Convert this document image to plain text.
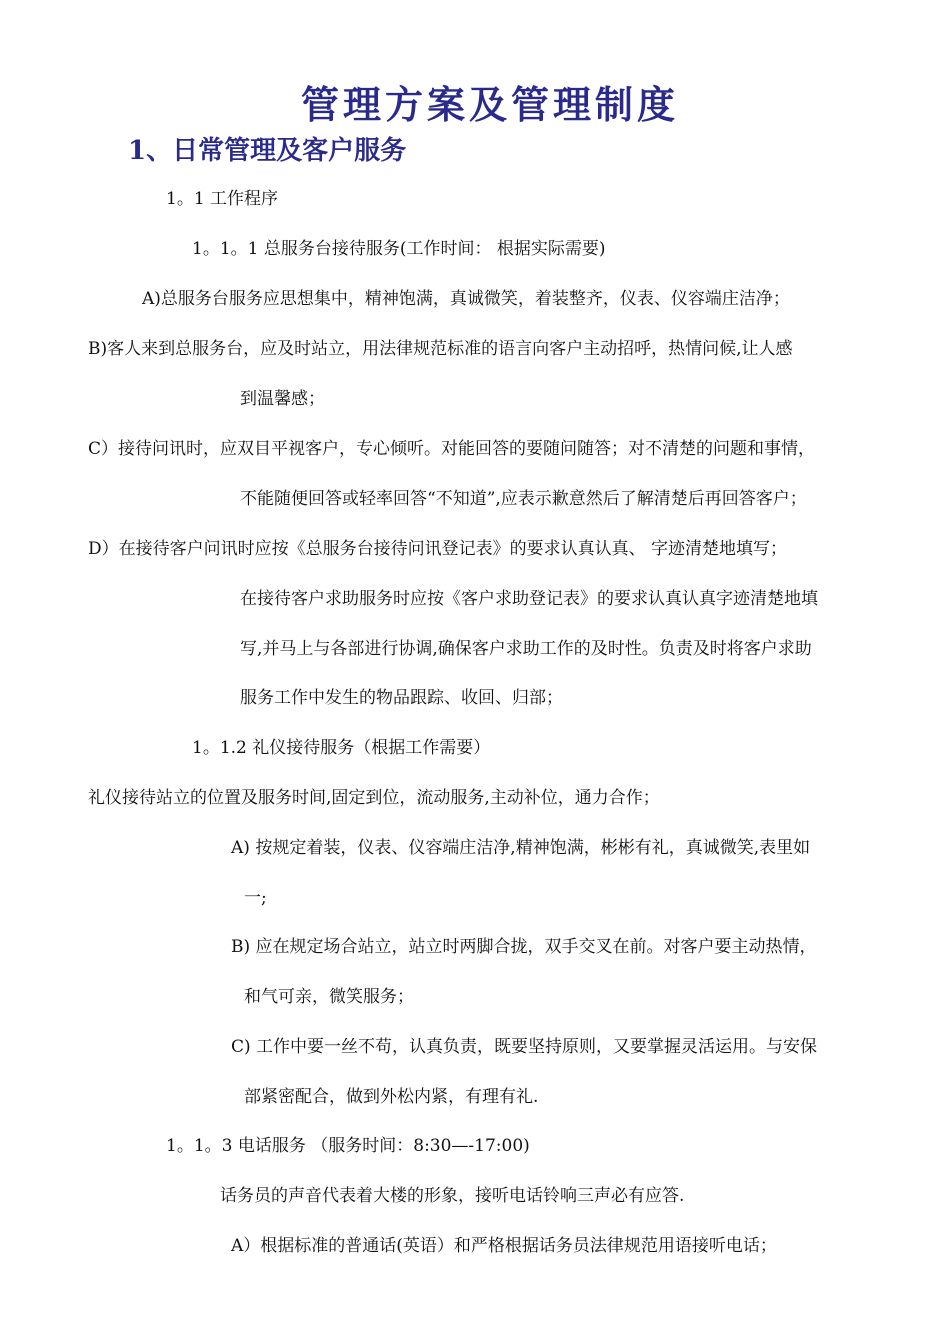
管理方案及管理制度
1、日常管理及客户服务
1。1 工作程序
1。1。1 总服务台接待服务(工作时间： 根据实际需要)
A)总服务台服务应思想集中，精神饱满，真诚微笑，着装整齐，仪表、仪容端庄洁净；
B)客人来到总服务台，应及时站立，用法律规范标准的语言向客户主动招呼，热情问候,让人感
到温馨感；
C）接待问讯时，应双目平视客户，专心倾听。对能回答的要随问随答；对不清楚的问题和事情，
不能随便回答或轻率回答“不知道”,应表示歉意然后了解清楚后再回答客户；
D）在接待客户问讯时应按《总服务台接待问讯登记表》的要求认真认真、 字迹清楚地填写；
在接待客户求助服务时应按《客户求助登记表》的要求认真认真字迹清楚地填
写,并马上与各部进行协调,确保客户求助工作的及时性。负责及时将客户求助
服务工作中发生的物品跟踪、收回、归部；
1。1.2 礼仪接待服务（根据工作需要）
礼仪接待站立的位置及服务时间,固定到位，流动服务,主动补位，通力合作；
A) 按规定着装，仪表、仪容端庄洁净,精神饱满，彬彬有礼，真诚微笑,表里如
一;
B) 应在规定场合站立，站立时两脚合拢，双手交叉在前。对客户要主动热情，
和气可亲，微笑服务；
C) 工作中要一丝不苟，认真负责，既要坚持原则，又要掌握灵活运用。与安保
部紧密配合，做到外松内紧，有理有礼.
1。1。3 电话服务 （服务时间：8:30—-17:00)
话务员的声音代表着大楼的形象，接听电话铃响三声必有应答.
A）根据标准的普通话(英语）和严格根据话务员法律规范用语接听电话；
